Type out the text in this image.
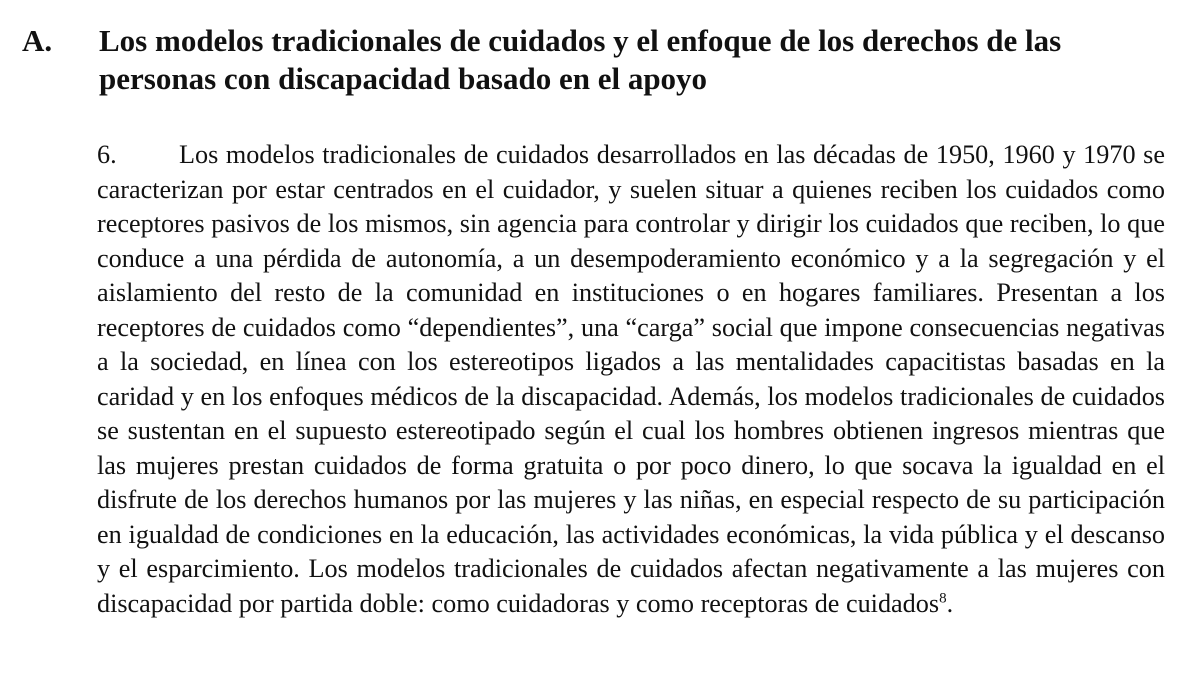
A. Los modelos tradicionales de cuidados y el enfoque de los derechos de las personas con discapacidad basado en el apoyo
6. Los modelos tradicionales de cuidados desarrollados en las décadas de 1950, 1960 y 1970 se caracterizan por estar centrados en el cuidador, y suelen situar a quienes reciben los cuidados como receptores pasivos de los mismos, sin agencia para controlar y dirigir los cuidados que reciben, lo que conduce a una pérdida de autonomía, a un desempoderamiento económico y a la segregación y el aislamiento del resto de la comunidad en instituciones o en hogares familiares. Presentan a los receptores de cuidados como “dependientes”, una “carga” social que impone consecuencias negativas a la sociedad, en línea con los estereotipos ligados a las mentalidades capacitistas basadas en la caridad y en los enfoques médicos de la discapacidad. Además, los modelos tradicionales de cuidados se sustentan en el supuesto estereotipado según el cual los hombres obtienen ingresos mientras que las mujeres prestan cuidados de forma gratuita o por poco dinero, lo que socava la igualdad en el disfrute de los derechos humanos por las mujeres y las niñas, en especial respecto de su participación en igualdad de condiciones en la educación, las actividades económicas, la vida pública y el descanso y el esparcimiento. Los modelos tradicionales de cuidados afectan negativamente a las mujeres con discapacidad por partida doble: como cuidadoras y como receptoras de cuidados$^8$.
